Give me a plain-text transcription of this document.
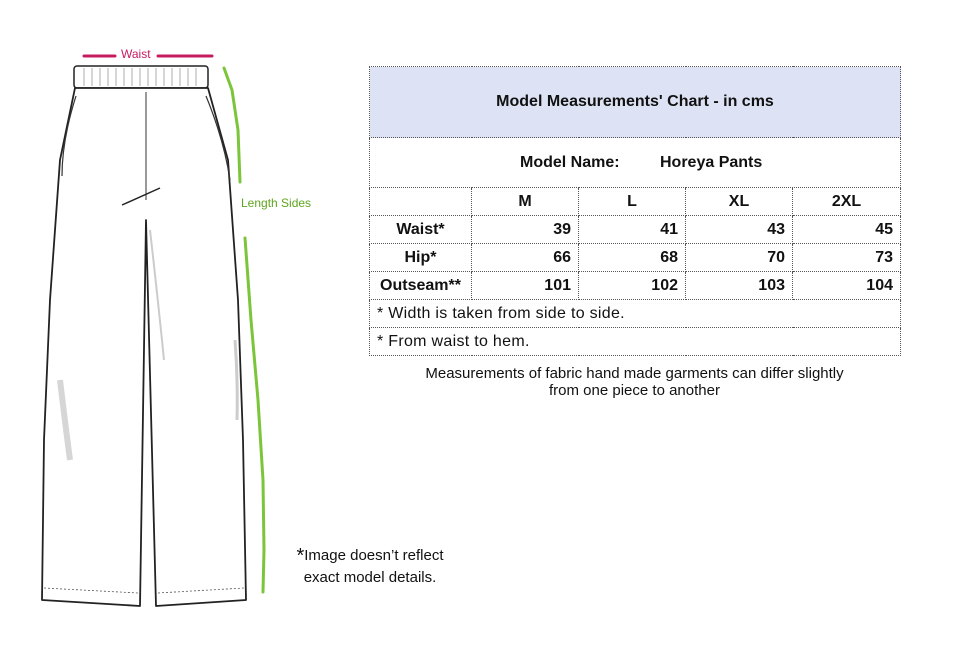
Waist
Length Sides
*Image doesn’t reflect
exact model details.
Model Measurements' Chart - in cms				
Model Name: Horeya Pants				
	M	L	XL	2XL
Waist*	39	41	43	45
Hip*	66	68	70	73
Outseam**	101	102	103	104
* Width is taken from side to side.				
* From waist to hem.				
Measurements of fabric hand made garments can differ slightly
from one piece to another
